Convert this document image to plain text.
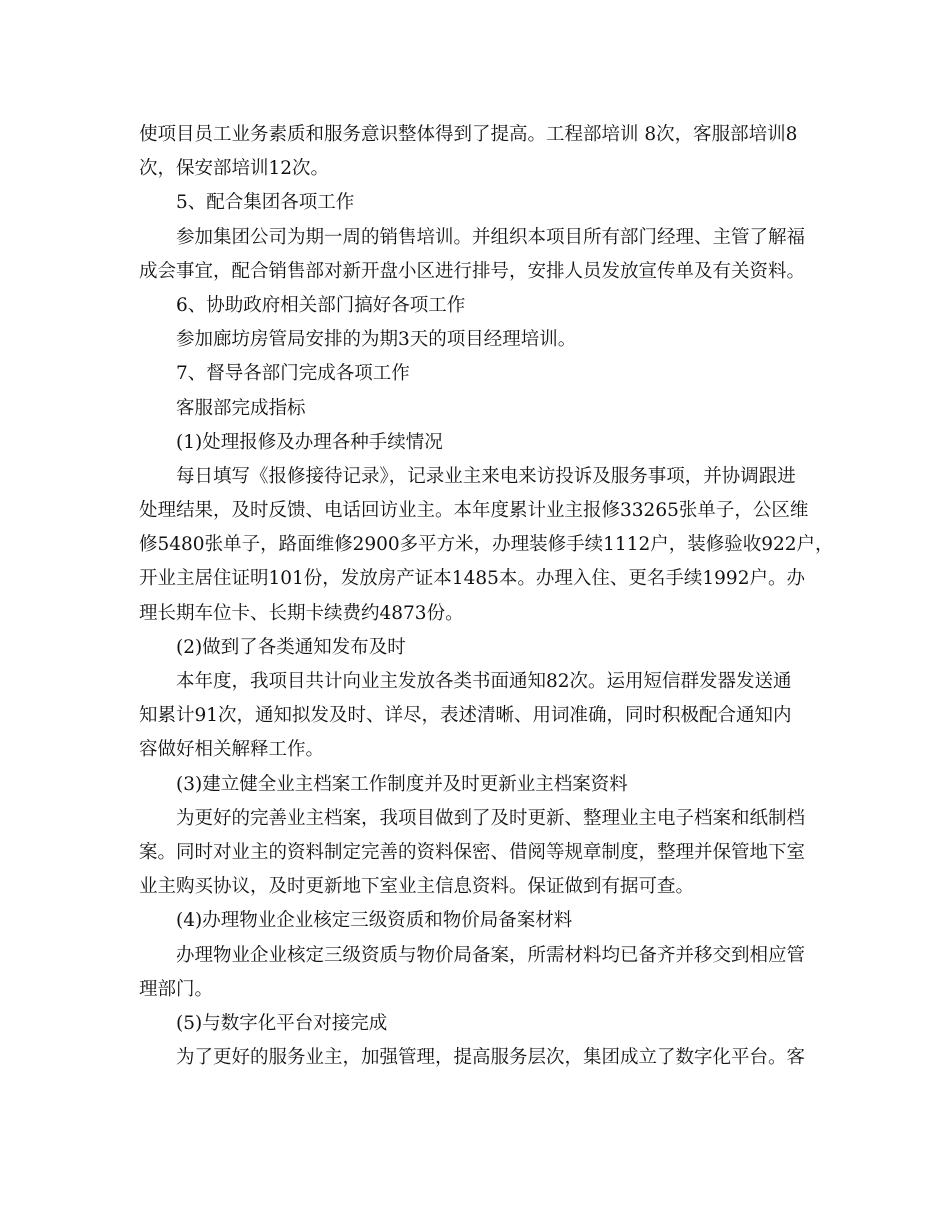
使项目员工业务素质和服务意识整体得到了提高。工程部培训 8次，客服部培训8
次，保安部培训12次。
5、配合集团各项工作
参加集团公司为期一周的销售培训。并组织本项目所有部门经理、主管了解福
成会事宜，配合销售部对新开盘小区进行排号，安排人员发放宣传单及有关资料。
6、协助政府相关部门搞好各项工作
参加廊坊房管局安排的为期3天的项目经理培训。
7、督导各部门完成各项工作
客服部完成指标
(1)处理报修及办理各种手续情况
每日填写《报修接待记录》，记录业主来电来访投诉及服务事项，并协调跟进
处理结果，及时反馈、电话回访业主。本年度累计业主报修33265张单子，公区维
修5480张单子，路面维修2900多平方米，办理装修手续1112户，装修验收922户，
开业主居住证明101份，发放房产证本1485本。办理入住、更名手续1992户。办
理长期车位卡、长期卡续费约4873份。
(2)做到了各类通知发布及时
本年度，我项目共计向业主发放各类书面通知82次。运用短信群发器发送通
知累计91次，通知拟发及时、详尽，表述清晰、用词准确，同时积极配合通知内
容做好相关解释工作。
(3)建立健全业主档案工作制度并及时更新业主档案资料
为更好的完善业主档案，我项目做到了及时更新、整理业主电子档案和纸制档
案。同时对业主的资料制定完善的资料保密、借阅等规章制度，整理并保管地下室
业主购买协议，及时更新地下室业主信息资料。保证做到有据可查。
(4)办理物业企业核定三级资质和物价局备案材料
办理物业企业核定三级资质与物价局备案，所需材料均已备齐并移交到相应管
理部门。
(5)与数字化平台对接完成
为了更好的服务业主，加强管理，提高服务层次，集团成立了数字化平台。客
